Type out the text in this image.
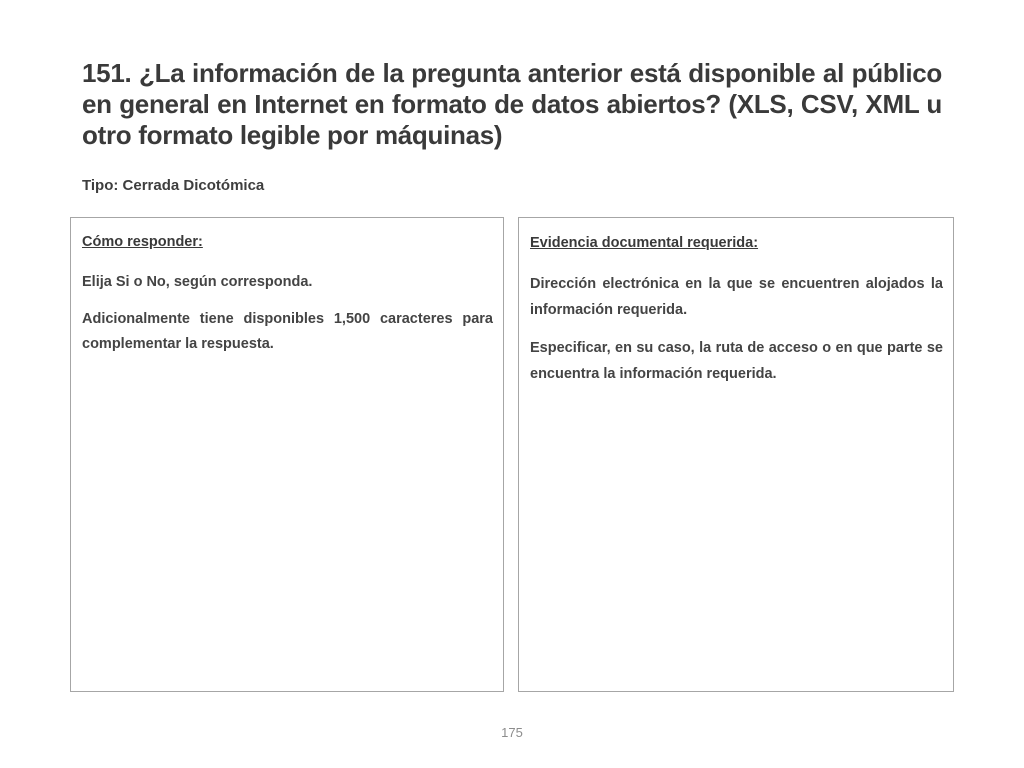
151. ¿La información de la pregunta anterior está disponible al público en general en Internet en formato de datos abiertos? (XLS, CSV, XML u otro formato legible por máquinas)

Tipo: Cerrada Dicotómica

Cómo responder:

Elija Si o No, según corresponda.

Adicionalmente tiene disponibles 1,500 caracteres para complementar la respuesta.

Evidencia documental requerida:

Dirección electrónica en la que se encuentren alojados la información requerida.

Especificar, en su caso, la ruta de acceso o en que parte se encuentra la información requerida.

175
